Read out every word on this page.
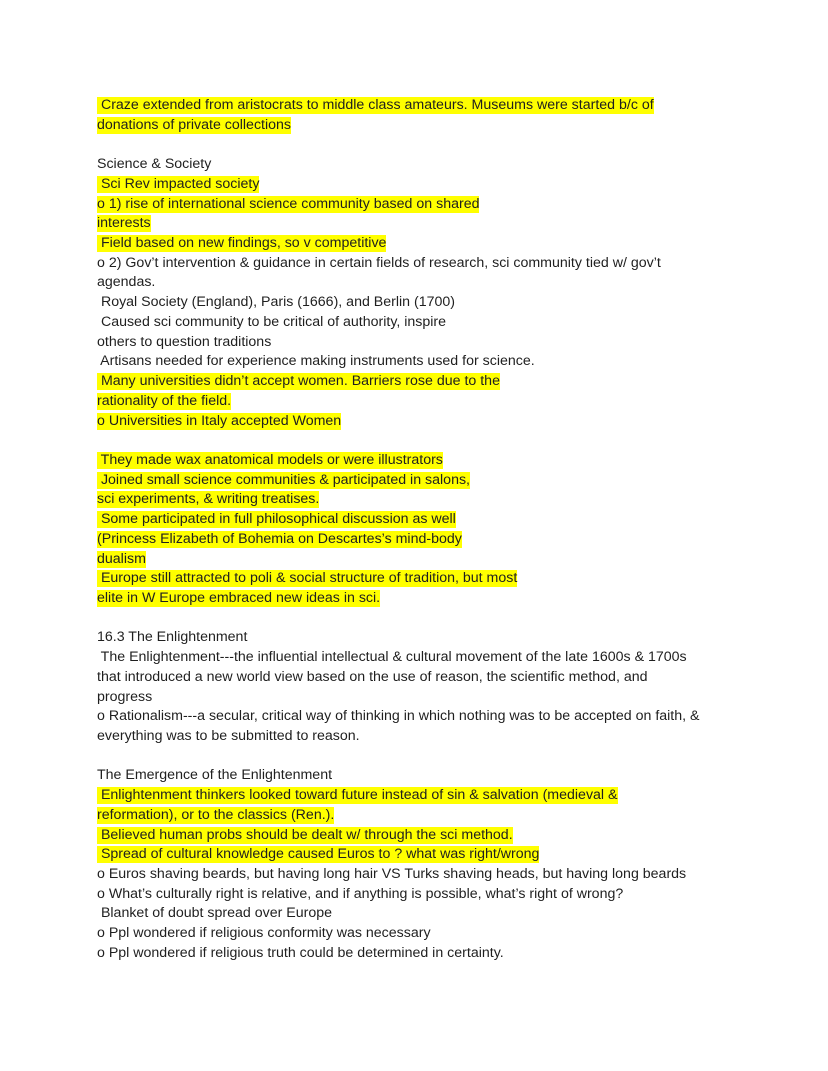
Craze extended from aristocrats to middle class amateurs. Museums were started b/c of
donations of private collections
Science & Society
Sci Rev impacted society
o 1) rise of international science community based on shared
interests
Field based on new findings, so v competitive
o 2) Gov’t intervention & guidance in certain fields of research, sci community tied w/ gov’t
agendas.
Royal Society (England), Paris (1666), and Berlin (1700)
Caused sci community to be critical of authority, inspire
others to question traditions
Artisans needed for experience making instruments used for science.
Many universities didn’t accept women. Barriers rose due to the
rationality of the field.
o Universities in Italy accepted Women
They made wax anatomical models or were illustrators
Joined small science communities & participated in salons,
sci experiments, & writing treatises.
Some participated in full philosophical discussion as well
(Princess Elizabeth of Bohemia on Descartes’s mind-body
dualism
Europe still attracted to poli & social structure of tradition, but most
elite in W Europe embraced new ideas in sci.
16.3 The Enlightenment
The Enlightenment---the influential intellectual & cultural movement of the late 1600s & 1700s
that introduced a new world view based on the use of reason, the scientific method, and
progress
o Rationalism---a secular, critical way of thinking in which nothing was to be accepted on faith, &
everything was to be submitted to reason.
The Emergence of the Enlightenment
Enlightenment thinkers looked toward future instead of sin & salvation (medieval &
reformation), or to the classics (Ren.).
Believed human probs should be dealt w/ through the sci method.
Spread of cultural knowledge caused Euros to ? what was right/wrong
o Euros shaving beards, but having long hair VS Turks shaving heads, but having long beards
o What’s culturally right is relative, and if anything is possible, what’s right of wrong?
Blanket of doubt spread over Europe
o Ppl wondered if religious conformity was necessary
o Ppl wondered if religious truth could be determined in certainty.
